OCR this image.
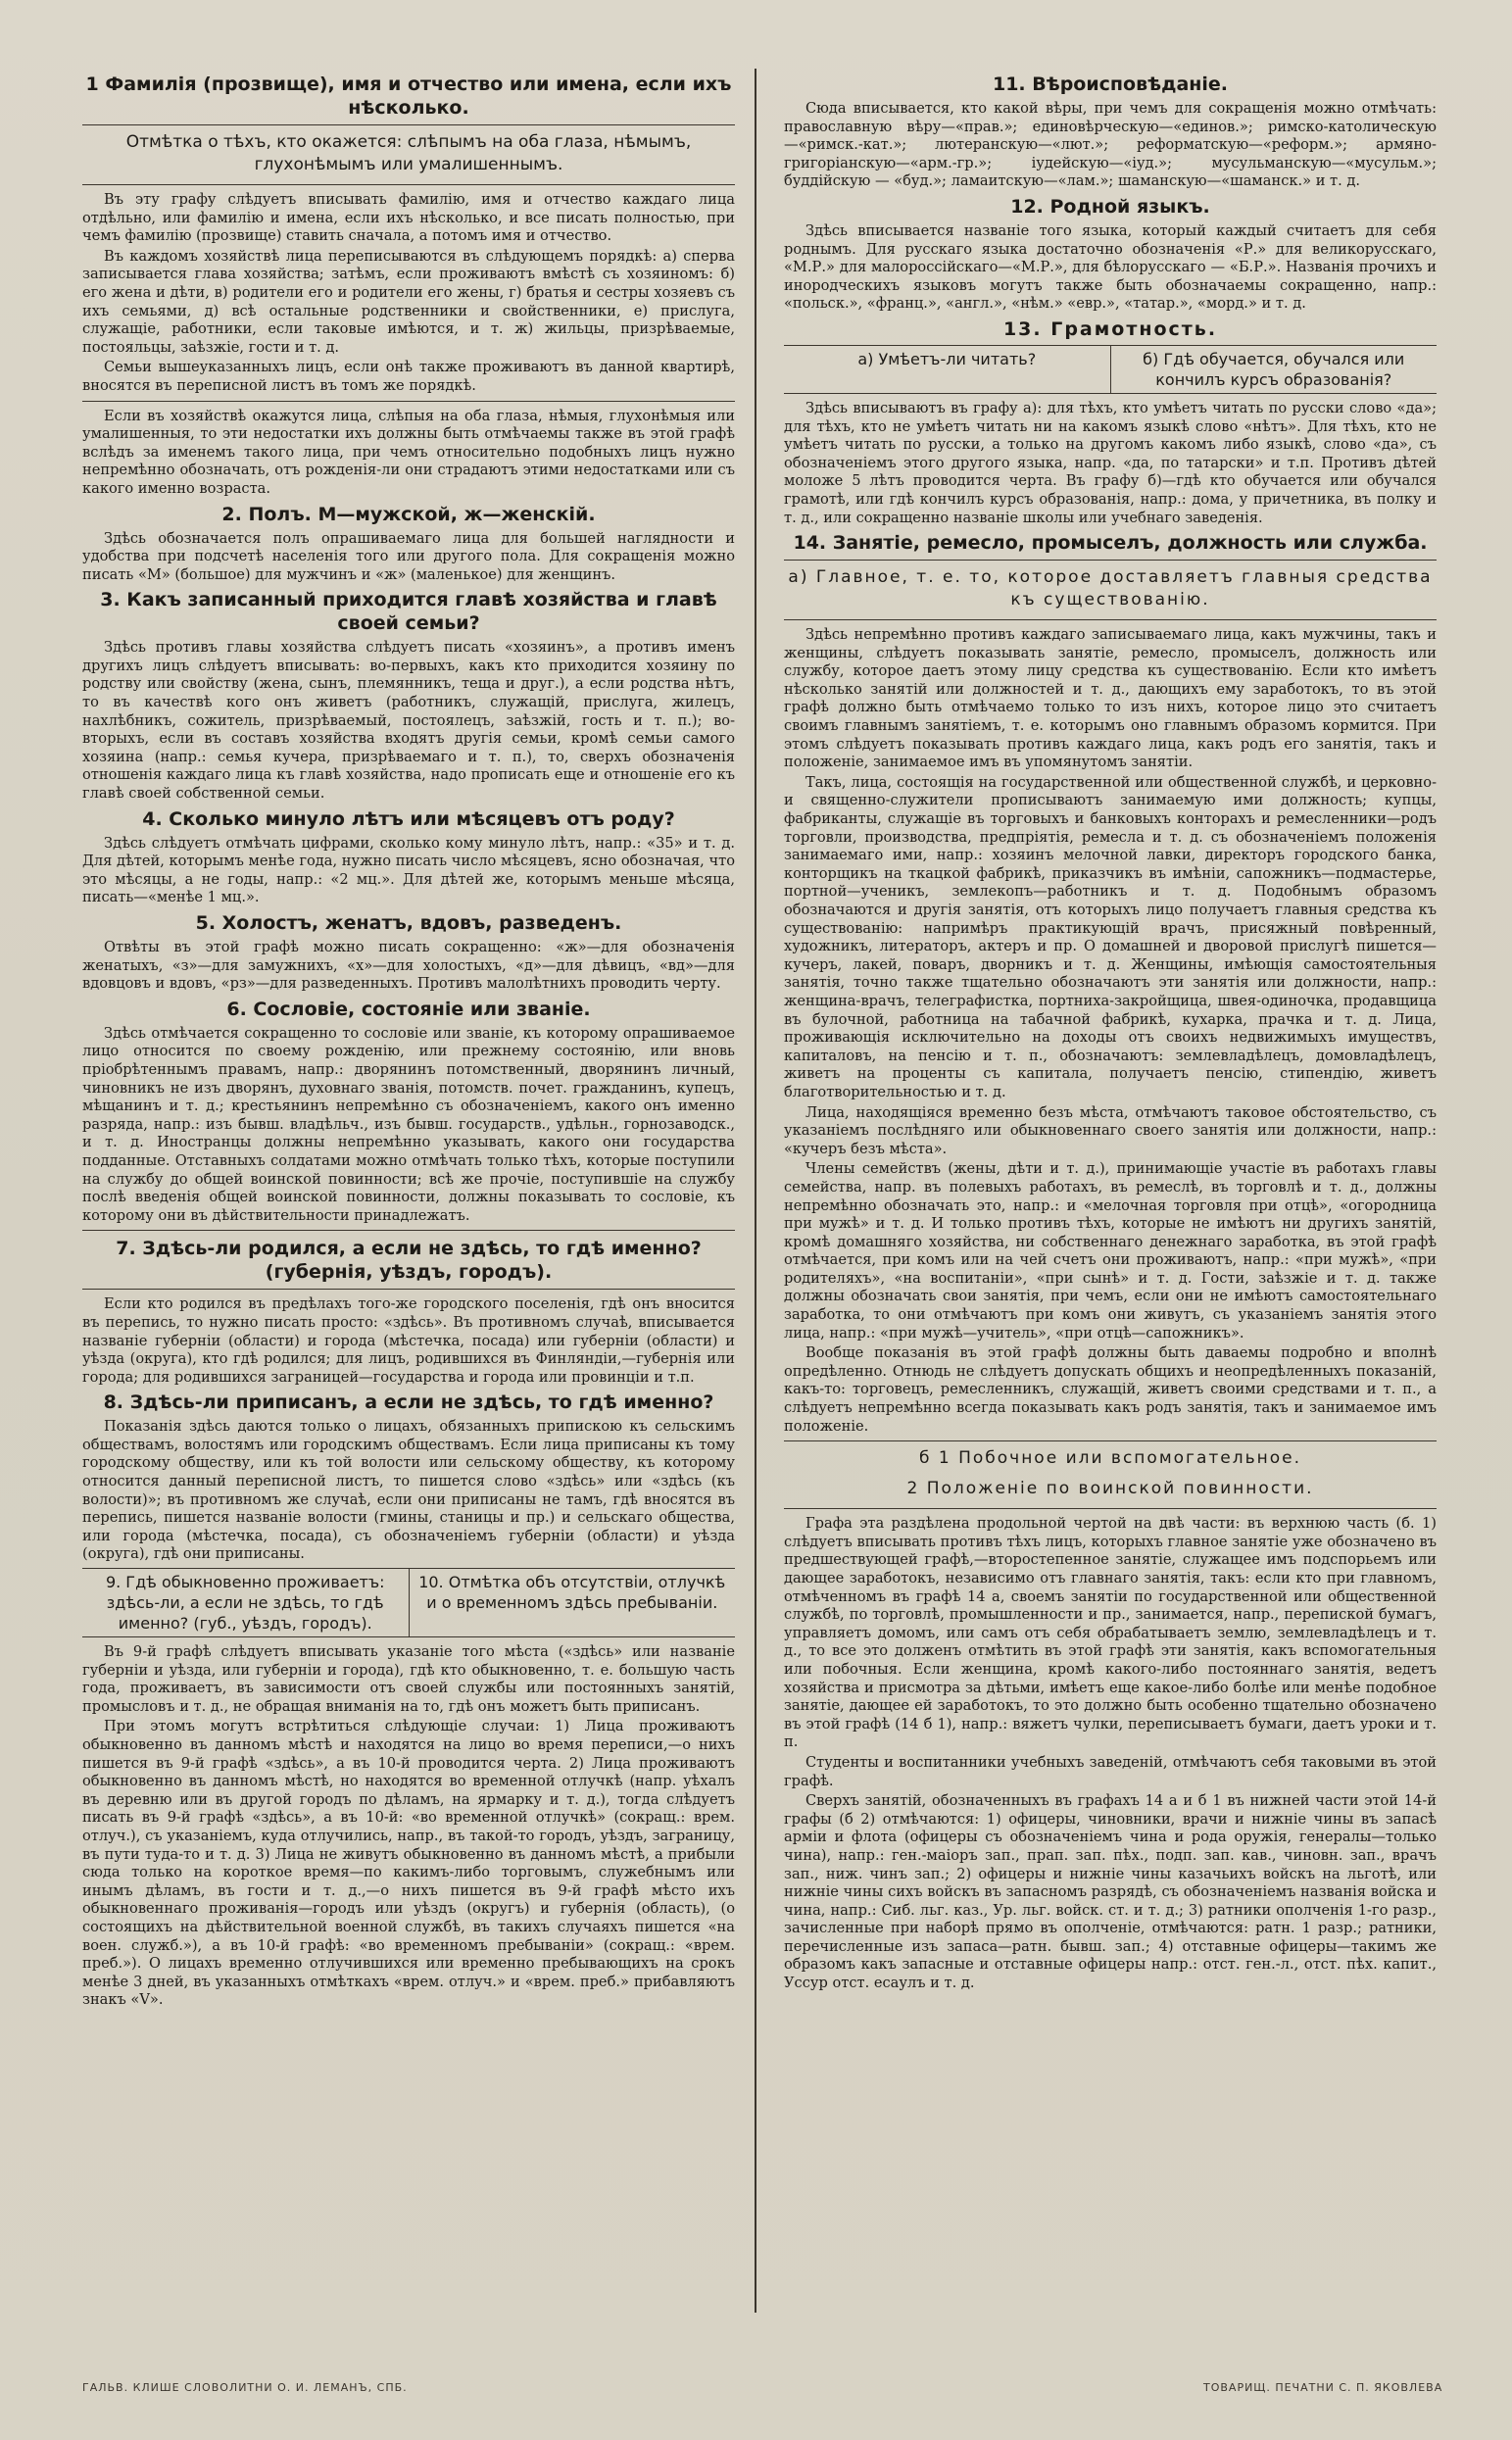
1 Фамилія (прозвище), имя и отчество или имена, если ихъ нѣсколько.
Отмѣтка о тѣхъ, кто окажется: слѣпымъ на оба глаза, нѣмымъ, глухонѣмымъ или умалишеннымъ.

Въ эту графу слѣдуетъ вписывать фамилію, имя и отчество каждаго лица отдѣльно, или фамилію и имена, если ихъ нѣсколько, и все писать полностью, при чемъ фамилію (прозвище) ставить сначала, а потомъ имя и отчество.

Въ каждомъ хозяйствѣ лица переписываются въ слѣдующемъ порядкѣ: а) сперва записывается глава хозяйства; затѣмъ, если проживаютъ вмѣстѣ съ хозяиномъ: б) его жена и дѣти, в) родители его и родители его жены, г) братья и сестры хозяевъ съ ихъ семьями, д) всѣ остальные родственники и свойственники, е) прислуга, служащіе, работники, если таковые имѣются, и т. ж) жильцы, призрѣваемые, постояльцы, заѣзжіе, гости и т. д.

Семьи вышеуказанныхъ лицъ, если онѣ также проживаютъ въ данной квартирѣ, вносятся въ переписной листъ въ томъ же порядкѣ.

Если въ хозяйствѣ окажутся лица, слѣпыя на оба глаза, нѣмыя, глухонѣмыя или умалишенныя, то эти недостатки ихъ должны быть отмѣчаемы также въ этой графѣ вслѣдъ за именемъ такого лица, при чемъ относительно подобныхъ лицъ нужно непремѣнно обозначать, отъ рожденія-ли они страдаютъ этими недостатками или съ какого именно возраста.

2. Полъ. М—мужской, ж—женскій.

Здѣсь обозначается полъ опрашиваемаго лица для большей наглядности и удобства при подсчетѣ населенія того или другого пола. Для сокращенія можно писать «М» (большое) для мужчинъ и «ж» (маленькое) для женщинъ.

3. Какъ записанный приходится главѣ хозяйства и главѣ своей семьи?

Здѣсь противъ главы хозяйства слѣдуетъ писать «хозяинъ», а противъ именъ другихъ лицъ слѣдуетъ вписывать: во-первыхъ, какъ кто приходится хозяину по родству или свойству (жена, сынъ, племянникъ, теща и друг.), а если родства нѣтъ, то въ качествѣ кого онъ живетъ (работникъ, служащій, прислуга, жилецъ, нахлѣбникъ, сожитель, призрѣваемый, постоялецъ, заѣзжій, гость и т. п.); во-вторыхъ, если въ составъ хозяйства входятъ другія семьи, кромѣ семьи самого хозяина (напр.: семья кучера, призрѣваемаго и т. п.), то, сверхъ обозначенія отношенія каждаго лица къ главѣ хозяйства, надо прописать еще и отношеніе его къ главѣ своей собственной семьи.

4. Сколько минуло лѣтъ или мѣсяцевъ отъ роду?

Здѣсь слѣдуетъ отмѣчать цифрами, сколько кому минуло лѣтъ, напр.: «35» и т. д. Для дѣтей, которымъ менѣе года, нужно писать число мѣсяцевъ, ясно обозначая, что это мѣсяцы, а не годы, напр.: «2 мц.». Для дѣтей же, которымъ меньше мѣсяца, писать—«менѣе 1 мц.».

5. Холостъ, женатъ, вдовъ, разведенъ.

Отвѣты въ этой графѣ можно писать сокращенно: «ж»—для обозначенія женатыхъ, «з»—для замужнихъ, «х»—для холостыхъ, «д»—для дѣвицъ, «вд»—для вдовцовъ и вдовъ, «рз»—для разведенныхъ. Противъ малолѣтнихъ проводить черту.

6. Сословіе, состояніе или званіе.

Здѣсь отмѣчается сокращенно то сословіе или званіе, къ которому опрашиваемое лицо относится по своему рожденію, или прежнему состоянію, или вновь пріобрѣтеннымъ правамъ, напр.: дворянинъ потомственный, дворянинъ личный, чиновникъ не изъ дворянъ, духовнаго званія, потомств. почет. гражданинъ, купецъ, мѣщанинъ и т. д.; крестьянинъ непремѣнно съ обозначеніемъ, какого онъ именно разряда, напр.: изъ бывш. владѣльч., изъ бывш. государств., удѣльн., горнозаводск., и т. д. Иностранцы должны непремѣнно указывать, какого они государства подданные. Отставныхъ солдатами можно отмѣчать только тѣхъ, которые поступили на службу до общей воинской повинности; всѣ же прочіе, поступившіе на службу послѣ введенія общей воинской повинности, должны показывать то сословіе, къ которому они въ дѣйствительности принадлежатъ.

7. Здѣсь-ли родился, а если не здѣсь, то гдѣ именно? (губернія, уѣздъ, городъ).

Если кто родился въ предѣлахъ того-же городского поселенія, гдѣ онъ вносится въ перепись, то нужно писать просто: «здѣсь». Въ противномъ случаѣ, вписывается названіе губерніи (области) и города (мѣстечка, посада) или губерніи (области) и уѣзда (округа), кто гдѣ родился; для лицъ, родившихся въ Финляндіи,—губернія или города; для родившихся заграницей—государства и города или провинціи и т.п.

8. Здѣсь-ли приписанъ, а если не здѣсь, то гдѣ именно?

Показанія здѣсь даются только о лицахъ, обязанныхъ припискою къ сельскимъ обществамъ, волостямъ или городскимъ обществамъ. Если лица приписаны къ тому городскому обществу, или къ той волости или сельскому обществу, къ которому относится данный переписной листъ, то пишется слово «здѣсь» или «здѣсь (къ волости)»; въ противномъ же случаѣ, если они приписаны не тамъ, гдѣ вносятся въ перепись, пишется названіе волости (гмины, станицы и пр.) и сельскаго общества, или города (мѣстечка, посада), съ обозначеніемъ губерніи (области) и уѣзда (округа), гдѣ они приписаны.

9. Гдѣ обыкновенно проживаетъ: здѣсь-ли, а если не здѣсь, то гдѣ именно? (губ., уѣздъ, городъ).
10. Отмѣтка объ отсутствіи, отлучкѣ и о временномъ здѣсь пребываніи.

Въ 9-й графѣ слѣдуетъ вписывать указаніе того мѣста («здѣсь» или названіе губерніи и уѣзда, или губерніи и города), гдѣ кто обыкновенно, т. е. большую часть года, проживаетъ, въ зависимости отъ своей службы или постоянныхъ занятій, промысловъ и т. д., не обращая вниманія на то, гдѣ онъ можетъ быть приписанъ.

При этомъ могутъ встрѣтиться слѣдующіе случаи: 1) Лица проживаютъ обыкновенно въ данномъ мѣстѣ и находятся на лицо во время переписи,—о нихъ пишется въ 9-й графѣ «здѣсь», а въ 10-й проводится черта. 2) Лица проживаютъ обыкновенно въ данномъ мѣстѣ, но находятся во временной отлучкѣ (напр. уѣхалъ въ деревню или въ другой городъ по дѣламъ, на ярмарку и т. д.), тогда слѣдуетъ писать въ 9-й графѣ «здѣсь», а въ 10-й: «во временной отлучкѣ» (сокращ.: врем. отлуч.), съ указаніемъ, куда отлучились, напр., въ такой-то городъ, уѣздъ, заграницу, въ пути туда-то и т. д. 3) Лица не живутъ обыкновенно въ данномъ мѣстѣ, а прибыли сюда только на короткое время—по какимъ-либо торговымъ, служебнымъ или инымъ дѣламъ, въ гости и т. д.,—о нихъ пишется въ 9-й графѣ мѣсто ихъ обыкновеннаго проживанія—городъ или уѣздъ (округъ) и губернія (область), (о состоящихъ на дѣйствительной военной службѣ, въ такихъ случаяхъ пишется «на воен. служб.»), а въ 10-й графѣ: «во временномъ пребываніи» (сокращ.: «врем. преб.»). О лицахъ временно отлучившихся или временно пребывающихъ на срокъ менѣе 3 дней, въ указанныхъ отмѣткахъ «врем. отлуч.» и «врем. преб.» прибавляютъ знакъ «V».

11. Вѣроисповѣданіе.

Сюда вписывается, кто какой вѣры, при чемъ для сокращенія можно отмѣчать: православную вѣру—«прав.»; единовѣрческую—«единов.»; римско-католическую—«римск.-кат.»; лютеранскую—«лют.»; реформатскую—«реформ.»; армяно-григоріанскую—«арм.-гр.»; іудейскую—«іуд.»; мусульманскую—«мусульм.»; буддійскую — «буд.»; ламаитскую—«лам.»; шаманскую—«шаманск.» и т. д.

12. Родной языкъ.

Здѣсь вписывается названіе того языка, который каждый считаетъ для себя роднымъ. Для русскаго языка достаточно обозначенія «Р.» для великорусскаго, «М.Р.» для малороссійскаго—«М.Р.», для бѣлорусскаго — «Б.Р.». Названія прочихъ и инородческихъ языковъ могутъ также быть обозначаемы сокращенно, напр.: «польск.», «франц.», «англ.», «нѣм.» «евр.», «татар.», «морд.» и т. д.

13. Грамотность.
а) Умѣетъ-ли читать?	б) Гдѣ обучается, обучался или кончилъ курсъ образованія?

Здѣсь вписываютъ въ графу а): для тѣхъ, кто умѣетъ читать по русски слово «да»; для тѣхъ, кто не умѣетъ читать ни на какомъ языкѣ слово «нѣтъ». Для тѣхъ, кто не умѣетъ читать по русски, а только на другомъ какомъ либо языкѣ, слово «да», съ обозначеніемъ этого другого языка, напр. «да, по татарски» и т.п. Противъ дѣтей моложе 5 лѣтъ проводится черта. Въ графу б)—гдѣ кто обучается или обучался грамотѣ, или гдѣ кончилъ курсъ образованія, напр.: дома, у причетника, въ полку и т. д., или сокращенно названіе школы или учебнаго заведенія.

14. Занятіе, ремесло, промыселъ, должность или служба.
а) Главное, т. е. то, которое доставляетъ главныя средства къ существованію.

Здѣсь непремѣнно противъ каждаго записываемаго лица, какъ мужчины, такъ и женщины, слѣдуетъ показывать занятіе, ремесло, промыселъ, должность или службу, которое даетъ этому лицу средства къ существованію. Если кто имѣетъ нѣсколько занятій или должностей и т. д., дающихъ ему заработокъ, то въ этой графѣ должно быть отмѣчаемо только то изъ нихъ, которое лицо это считаетъ своимъ главнымъ занятіемъ, т. е. которымъ оно главнымъ образомъ кормится. При этомъ слѣдуетъ показывать противъ каждаго лица, какъ родъ его занятія, такъ и положеніе, занимаемое имъ въ упомянутомъ занятіи.

Такъ, лица, состоящія на государственной или общественной службѣ, и церковно-и священно-служители прописываютъ занимаемую ими должность; купцы, фабриканты, служащіе въ торговыхъ и банковыхъ конторахъ и ремесленники—родъ торговли, производства, предпріятія, ремесла и т. д. съ обозначеніемъ положенія занимаемаго ими, напр.: хозяинъ мелочной лавки, директоръ городского банка, конторщикъ на ткацкой фабрикѣ, приказчикъ въ имѣніи, сапожникъ—подмастерье, портной—ученикъ, землекопъ—работникъ и т. д. Подобнымъ образомъ обозначаются и другія занятія, отъ которыхъ лицо получаетъ главныя средства къ существованію: напримѣръ практикующій врачъ, присяжный повѣренный, художникъ, литераторъ, актеръ и пр. О домашней и дворовой прислугѣ пишется—кучеръ, лакей, поваръ, дворникъ и т. д. Женщины, имѣющія самостоятельныя занятія, точно также тщательно обозначаютъ эти занятія или должности, напр.: женщина-врачъ, телеграфистка, портниха-закройщица, швея-одиночка, продавщица въ булочной, работница на табачной фабрикѣ, кухарка, прачка и т. д. Лица, проживающія исключительно на доходы отъ своихъ недвижимыхъ имуществъ, капиталовъ, на пенсію и т. п., обозначаютъ: землевладѣлецъ, домовладѣлецъ, живетъ на проценты съ капитала, получаетъ пенсію, стипендію, живетъ благотворительностью и т. д.

Лица, находящіяся временно безъ мѣста, отмѣчаютъ таковое обстоятельство, съ указаніемъ послѣдняго или обыкновеннаго своего занятія или должности, напр.: «кучеръ безъ мѣста».

Члены семействъ (жены, дѣти и т. д.), принимающіе участіе въ работахъ главы семейства, напр. въ полевыхъ работахъ, въ ремеслѣ, въ торговлѣ и т. д., должны непремѣнно обозначать это, напр.: и «мелочная торговля при отцѣ», «огородница при мужѣ» и т. д. И только противъ тѣхъ, которые не имѣютъ ни другихъ занятій, кромѣ домашняго хозяйства, ни собственнаго денежнаго заработка, въ этой графѣ отмѣчается, при комъ или на чей счетъ они проживаютъ, напр.: «при мужѣ», «при родителяхъ», «на воспитаніи», «при сынѣ» и т. д. Гости, заѣзжіе и т. д. также должны обозначать свои занятія, при чемъ, если они не имѣютъ самостоятельнаго заработка, то они отмѣчаютъ при комъ они живутъ, съ указаніемъ занятія этого лица, напр.: «при мужѣ—учитель», «при отцѣ—сапожникъ».

Вообще показанія въ этой графѣ должны быть даваемы подробно и вполнѣ опредѣленно. Отнюдь не слѣдуетъ допускать общихъ и неопредѣленныхъ показаній, какъ-то: торговецъ, ремесленникъ, служащій, живетъ своими средствами и т. п., а слѣдуетъ непремѣнно всегда показывать какъ родъ занятія, такъ и занимаемое имъ положеніе.

б 1 Побочное или вспомогательное.
2 Положеніе по воинской повинности.

Графа эта раздѣлена продольной чертой на двѣ части: въ верхнюю часть (б. 1) слѣдуетъ вписывать противъ тѣхъ лицъ, которыхъ главное занятіе уже обозначено въ предшествующей графѣ,—второстепенное занятіе, служащее имъ подспорьемъ или дающее заработокъ, независимо отъ главнаго занятія, такъ: если кто при главномъ, отмѣченномъ въ графѣ 14 а, своемъ занятіи по государственной или общественной службѣ, по торговлѣ, промышленности и пр., занимается, напр., перепиской бумагъ, управляетъ домомъ, или самъ отъ себя обрабатываетъ землю, землевладѣлецъ и т. д., то все это долженъ отмѣтить въ этой графѣ эти занятія, какъ вспомогательныя или побочныя. Если женщина, кромѣ какого-либо постояннаго занятія, ведетъ хозяйства и присмотра за дѣтьми, имѣетъ еще какое-либо болѣе или менѣе подобное занятіе, дающее ей заработокъ, то это должно быть особенно тщательно обозначено въ этой графѣ (14 б 1), напр.: вяжетъ чулки, переписываетъ бумаги, даетъ уроки и т. п.

Студенты и воспитанники учебныхъ заведеній, отмѣчаютъ себя таковыми въ этой графѣ.

Сверхъ занятій, обозначенныхъ въ графахъ 14 а и б 1 въ нижней части этой 14-й графы (б 2) отмѣчаются: 1) офицеры, чиновники, врачи и нижніе чины въ запасѣ арміи и флота (офицеры съ обозначеніемъ чина и рода оружія, генералы—только чина), напр.: ген.-маіоръ зап., прап. зап. пѣх., подп. зап. кав., чиновн. зап., врачъ зап., ниж. чинъ зап.; 2) офицеры и нижніе чины казачьихъ войскъ на льготѣ, или нижніе чины сихъ войскъ въ запасномъ разрядѣ, съ обозначеніемъ названія войска и чина, напр.: Сиб. льг. каз., Ур. льг. войск. ст. и т. д.; 3) ратники ополченія 1-го разр., зачисленные при наборѣ прямо въ ополченіе, отмѣчаются: ратн. 1 разр.; ратники, перечисленные изъ запаса—ратн. бывш. зап.; 4) отставные офицеры—такимъ же образомъ какъ запасные и отставные офицеры напр.: отст. ген.-л., отст. пѣх. капит., Уссур отст. есаулъ и т. д.

ГАЛЬВ. КЛИШЕ СЛОВОЛИТНИ О. И. ЛЕМАНЪ, СПБ.	ТОВАРИЩ. ПЕЧАТНИ С. П. ЯКОВЛЕВА
